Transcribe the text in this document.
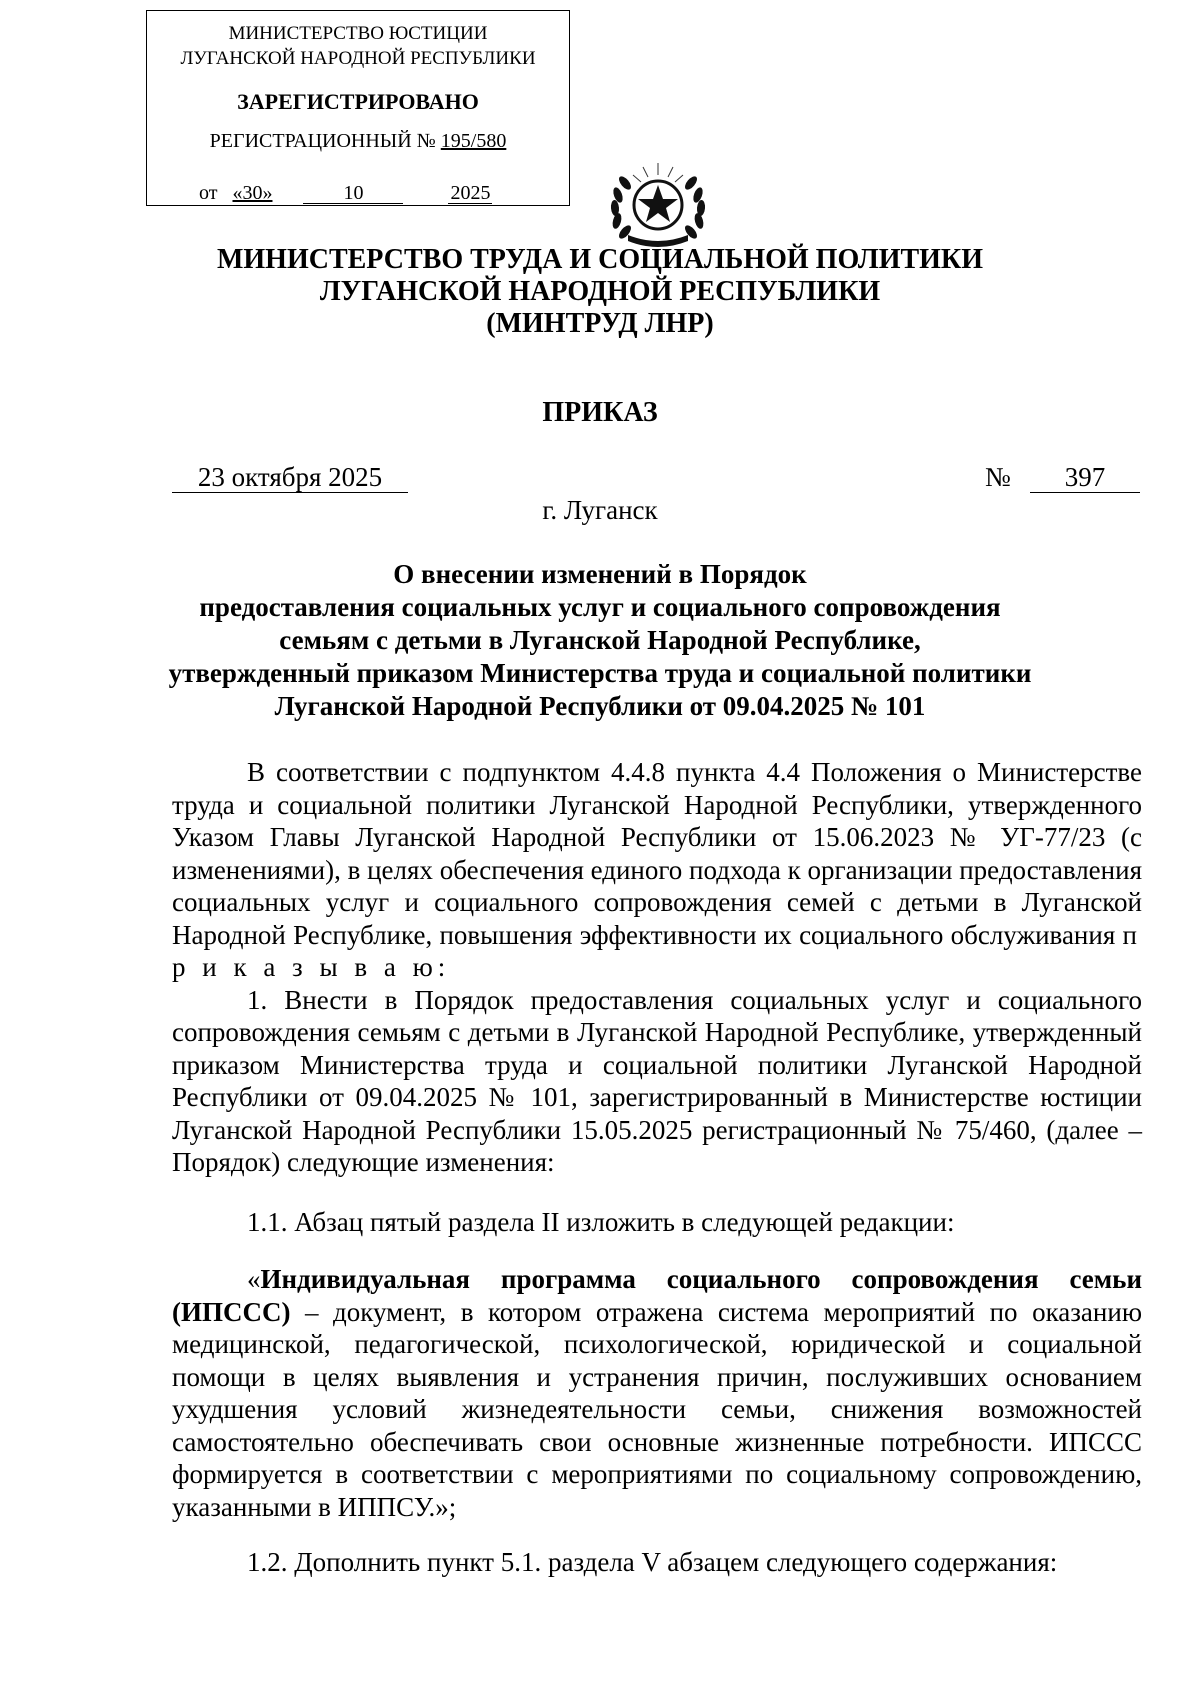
МИНИСТЕРСТВО ЮСТИЦИИ
ЛУГАНСКОЙ НАРОДНОЙ РЕСПУБЛИКИ
ЗАРЕГИСТРИРОВАНО
РЕГИСТРАЦИОННЫЙ № 195/580
от «30»	10	2025
МИНИСТЕРСТВО ТРУДА И СОЦИАЛЬНОЙ ПОЛИТИКИ
ЛУГАНСКОЙ НАРОДНОЙ РЕСПУБЛИКИ
(МИНТРУД ЛНР)
ПРИКАЗ
23 октября 2025	№	397
г. Луганск
О внесении изменений в Порядок
предоставления социальных услуг и социального сопровождения
семьям с детьми в Луганской Народной Республике,
утвержденный приказом Министерства труда и социальной политики
Луганской Народной Республики от 09.04.2025 № 101

В соответствии с подпунктом 4.4.8 пункта 4.4 Положения о Министерстве труда и социальной политики Луганской Народной Республики, утвержденного Указом Главы Луганской Народной Республики от 15.06.2023 № УГ-77/23 (с изменениями), в целях обеспечения единого подхода к организации предоставления социальных услуг и социального сопровождения семей с детьми в Луганской Народной Республике, повышения эффективности их социального обслуживания п р и к а з ы в а ю:

1. Внести в Порядок предоставления социальных услуг и социального сопровождения семьям с детьми в Луганской Народной Республике, утвержденный приказом Министерства труда и социальной политики Луганской Народной Республики от 09.04.2025 № 101, зарегистрированный в Министерстве юстиции Луганской Народной Республики 15.05.2025 регистрационный № 75/460, (далее – Порядок) следующие изменения:

1.1. Абзац пятый раздела II изложить в следующей редакции:

«Индивидуальная программа социального сопровождения семьи (ИПССС) – документ, в котором отражена система мероприятий по оказанию медицинской, педагогической, психологической, юридической и социальной помощи в целях выявления и устранения причин, послуживших основанием ухудшения условий жизнедеятельности семьи, снижения возможностей самостоятельно обеспечивать свои основные жизненные потребности. ИПССС формируется в соответствии с мероприятиями по социальному сопровождению, указанными в ИППСУ.»;

1.2. Дополнить пункт 5.1. раздела V абзацем следующего содержания:
